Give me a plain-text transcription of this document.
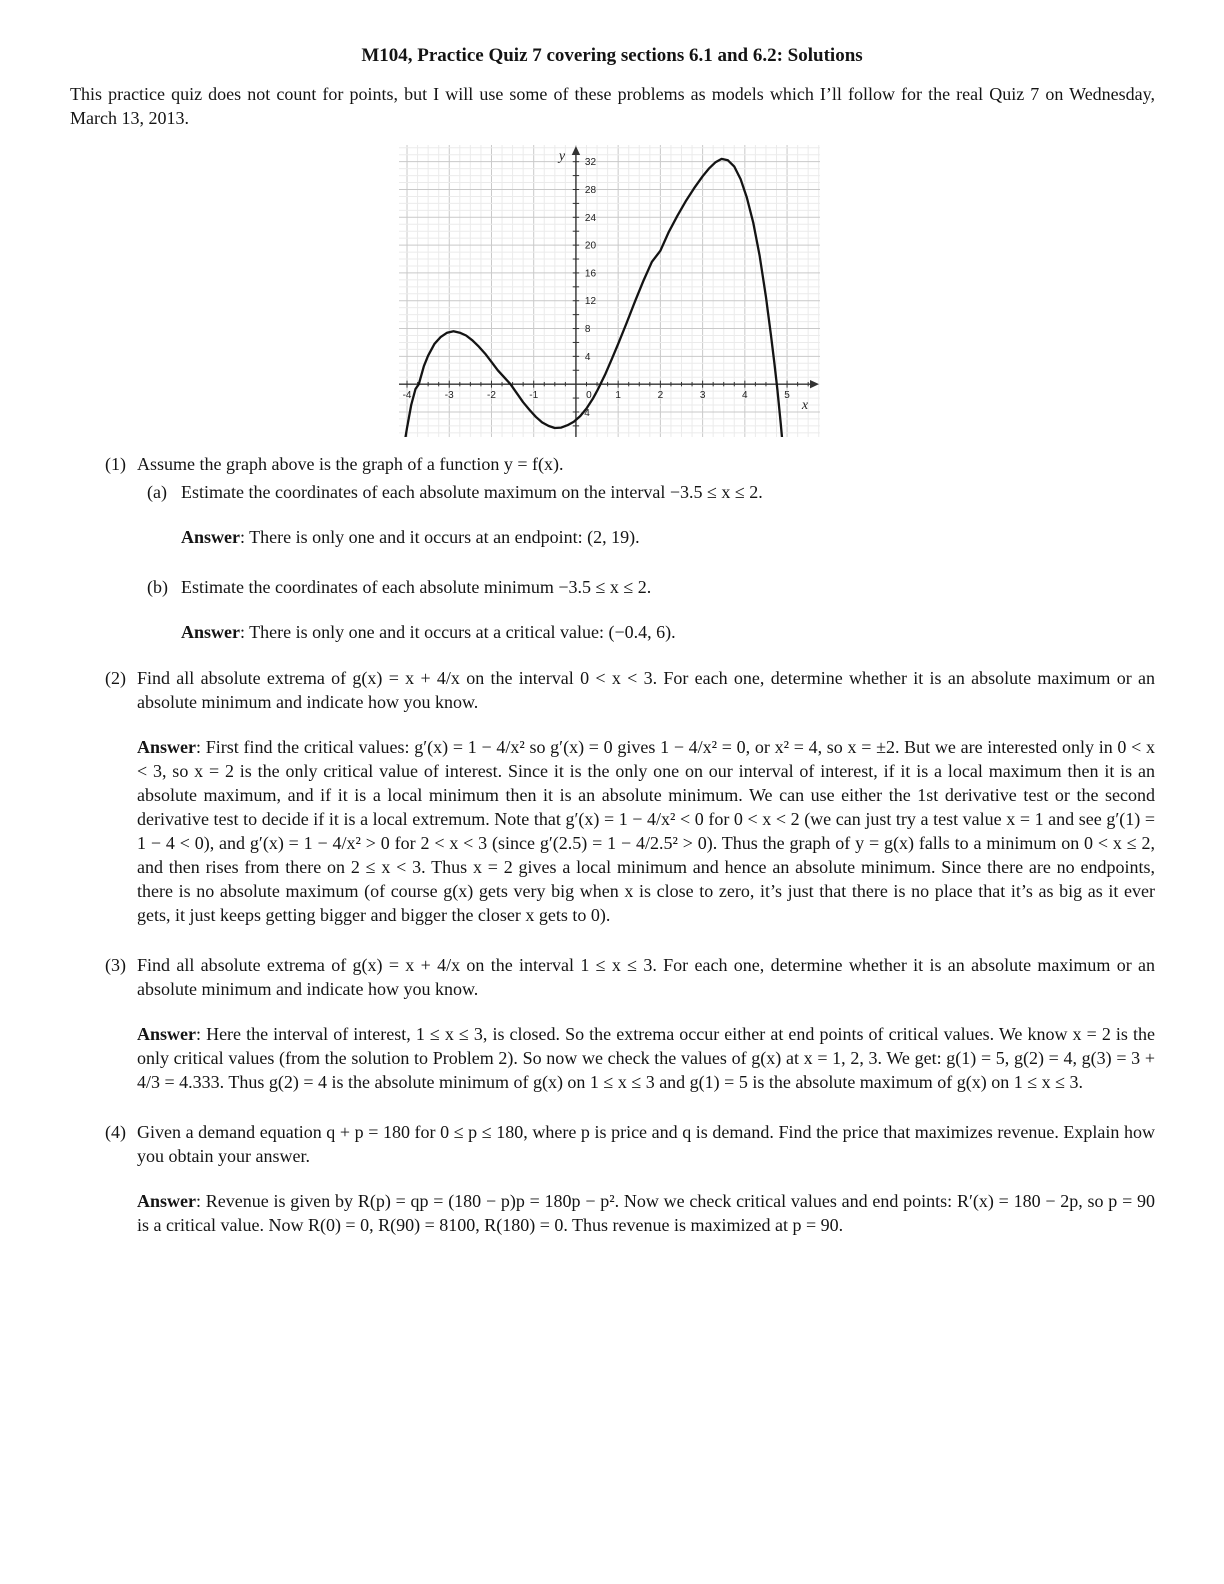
M104, Practice Quiz 7 covering sections 6.1 and 6.2: Solutions
This practice quiz does not count for points, but I will use some of these problems as models which I’ll follow for the real Quiz 7 on Wednesday, March 13, 2013.
-4	-3	-2	-1	0 1	2	3	4	5
4
8
12
16
20
24
28
32
-4
x
y
(1) Assume the graph above is the graph of a function y = f(x).
(a) Estimate the coordinates of each absolute maximum on the interval −3.5 ≤ x ≤ 2.
Answer: There is only one and it occurs at an endpoint: (2, 19).
(b) Estimate the coordinates of each absolute minimum −3.5 ≤ x ≤ 2.
Answer: There is only one and it occurs at a critical value: (−0.4, 6).
(2) Find all absolute extrema of g(x) = x + 4/x on the interval 0 < x < 3. For each one, determine whether it is an absolute maximum or an absolute minimum and indicate how you know.
Answer: First find the critical values: g′(x) = 1 − 4/x² so g′(x) = 0 gives 1 − 4/x² = 0, or x² = 4, so x = ±2. But we are interested only in 0 < x < 3, so x = 2 is the only critical value of interest. Since it is the only one on our interval of interest, if it is a local maximum then it is an absolute maximum, and if it is a local minimum then it is an absolute minimum. We can use either the 1st derivative test or the second derivative test to decide if it is a local extremum. Note that g′(x) = 1 − 4/x² < 0 for 0 < x < 2 (we can just try a test value x = 1 and see g′(1) = 1 − 4 < 0), and g′(x) = 1 − 4/x² > 0 for 2 < x < 3 (since g′(2.5) = 1 − 4/2.5² > 0). Thus the graph of y = g(x) falls to a minimum on 0 < x ≤ 2, and then rises from there on 2 ≤ x < 3. Thus x = 2 gives a local minimum and hence an absolute minimum. Since there are no endpoints, there is no absolute maximum (of course g(x) gets very big when x is close to zero, it’s just that there is no place that it’s as big as it ever gets, it just keeps getting bigger and bigger the closer x gets to 0).
(3) Find all absolute extrema of g(x) = x + 4/x on the interval 1 ≤ x ≤ 3. For each one, determine whether it is an absolute maximum or an absolute minimum and indicate how you know.
Answer: Here the interval of interest, 1 ≤ x ≤ 3, is closed. So the extrema occur either at end points of critical values. We know x = 2 is the only critical values (from the solution to Problem 2). So now we check the values of g(x) at x = 1, 2, 3. We get: g(1) = 5, g(2) = 4, g(3) = 3 + 4/3 = 4.333. Thus g(2) = 4 is the absolute minimum of g(x) on 1 ≤ x ≤ 3 and g(1) = 5 is the absolute maximum of g(x) on 1 ≤ x ≤ 3.
(4) Given a demand equation q + p = 180 for 0 ≤ p ≤ 180, where p is price and q is demand. Find the price that maximizes revenue. Explain how you obtain your answer.
Answer: Revenue is given by R(p) = qp = (180 − p)p = 180p − p². Now we check critical values and end points: R′(x) = 180 − 2p, so p = 90 is a critical value. Now R(0) = 0, R(90) = 8100, R(180) = 0. Thus revenue is maximized at p = 90.
